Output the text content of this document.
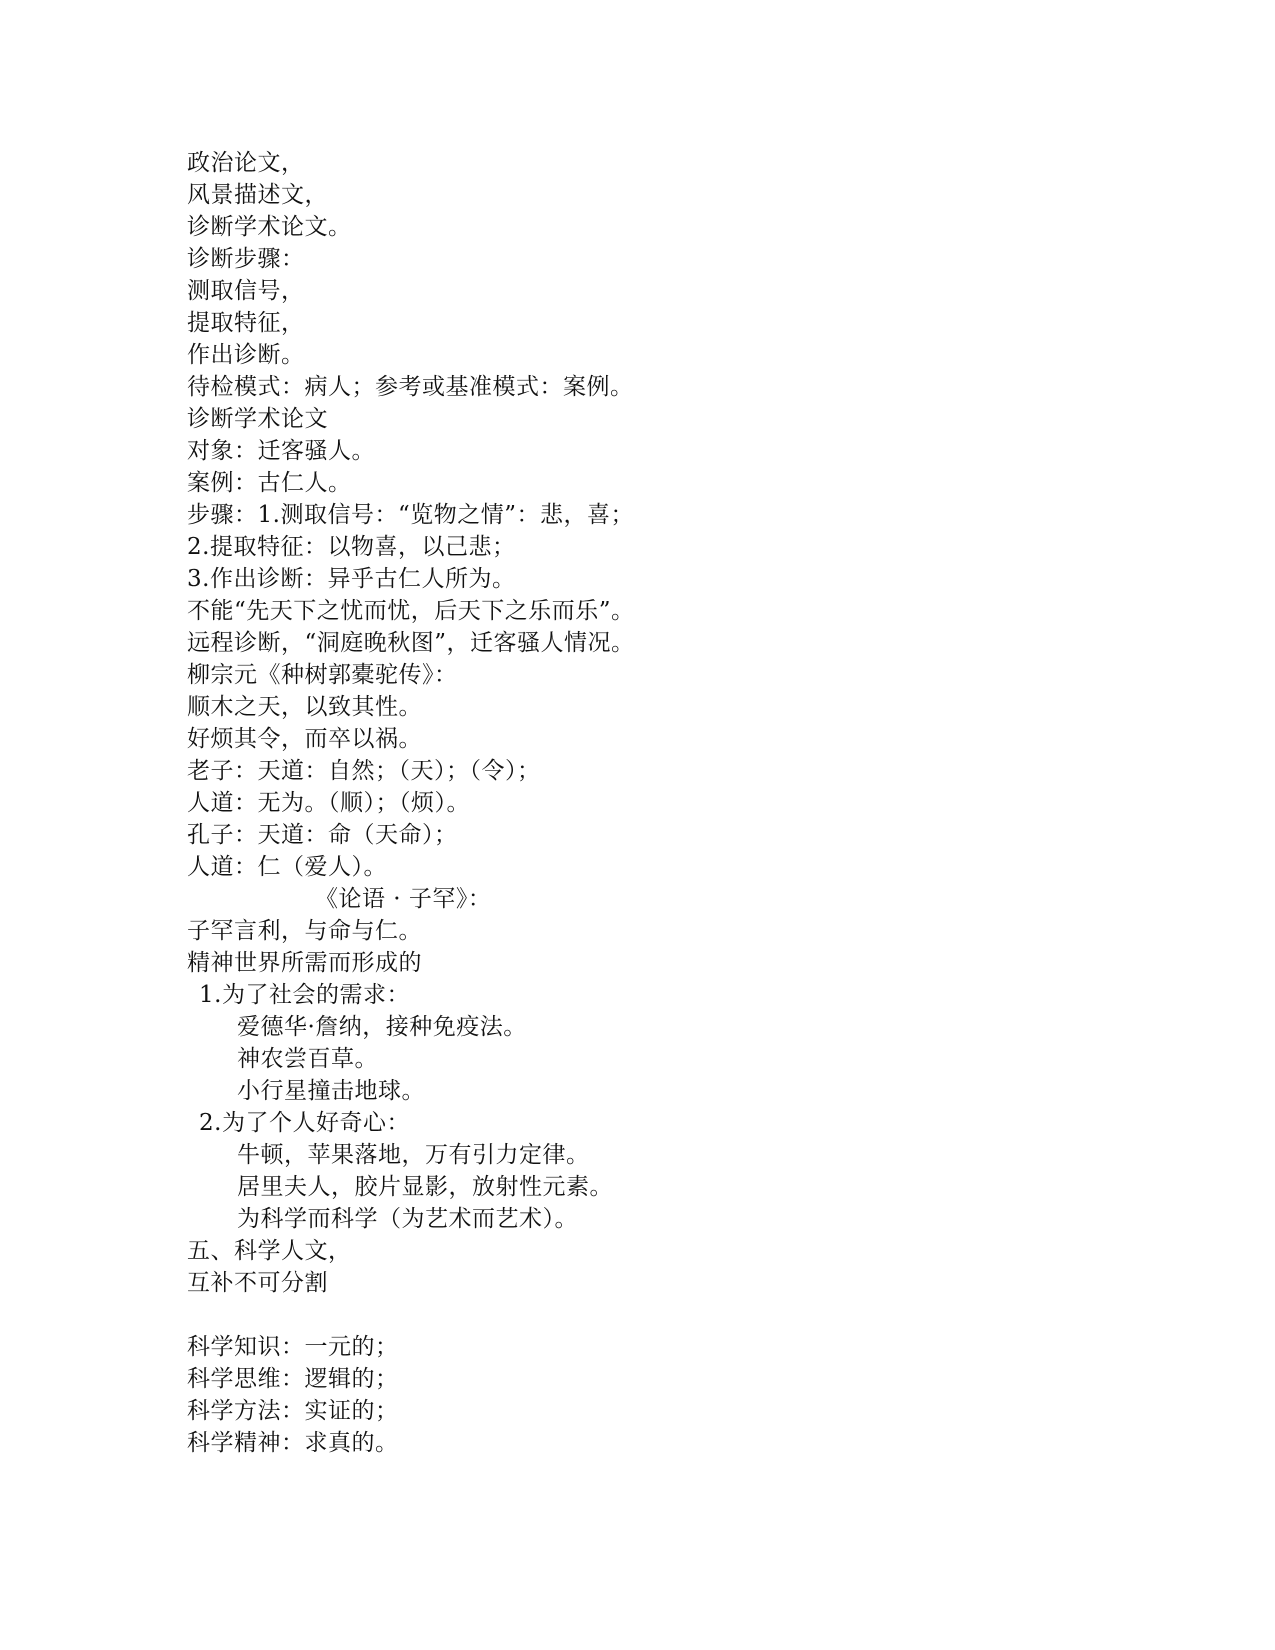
政治论文，
风景描述文，
诊断学术论文。
诊断步骤：
测取信号，
提取特征，
作出诊断。
待检模式：病人；参考或基准模式：案例。
诊断学术论文
对象：迁客骚人。
案例：古仁人。
步骤：1.测取信号：“览物之情”：悲，喜；
2.提取特征：以物喜，以己悲；
3.作出诊断：异乎古仁人所为。
不能“先天下之忧而忧，后天下之乐而乐”。
远程诊断，“洞庭晚秋图”，迁客骚人情况。
柳宗元《种树郭橐驼传》：
顺木之天，以致其性。
好烦其令，而卒以祸。
老子：天道：自然；（天）；（令）；
人道：无为。（顺）；（烦）。
孔子：天道：命（天命）；
人道：仁（爱人）。
《论语 · 子罕》：
子罕言利，与命与仁。
精神世界所需而形成的
1.为了社会的需求：
爱德华·詹纳，接种免疫法。
神农尝百草。
小行星撞击地球。
2.为了个人好奇心：
牛顿，苹果落地，万有引力定律。
居里夫人，胶片显影，放射性元素。
为科学而科学（为艺术而艺术）。
五、科学人文，
互补不可分割
科学知识：一元的；
科学思维：逻辑的；
科学方法：实证的；
科学精神：求真的。
